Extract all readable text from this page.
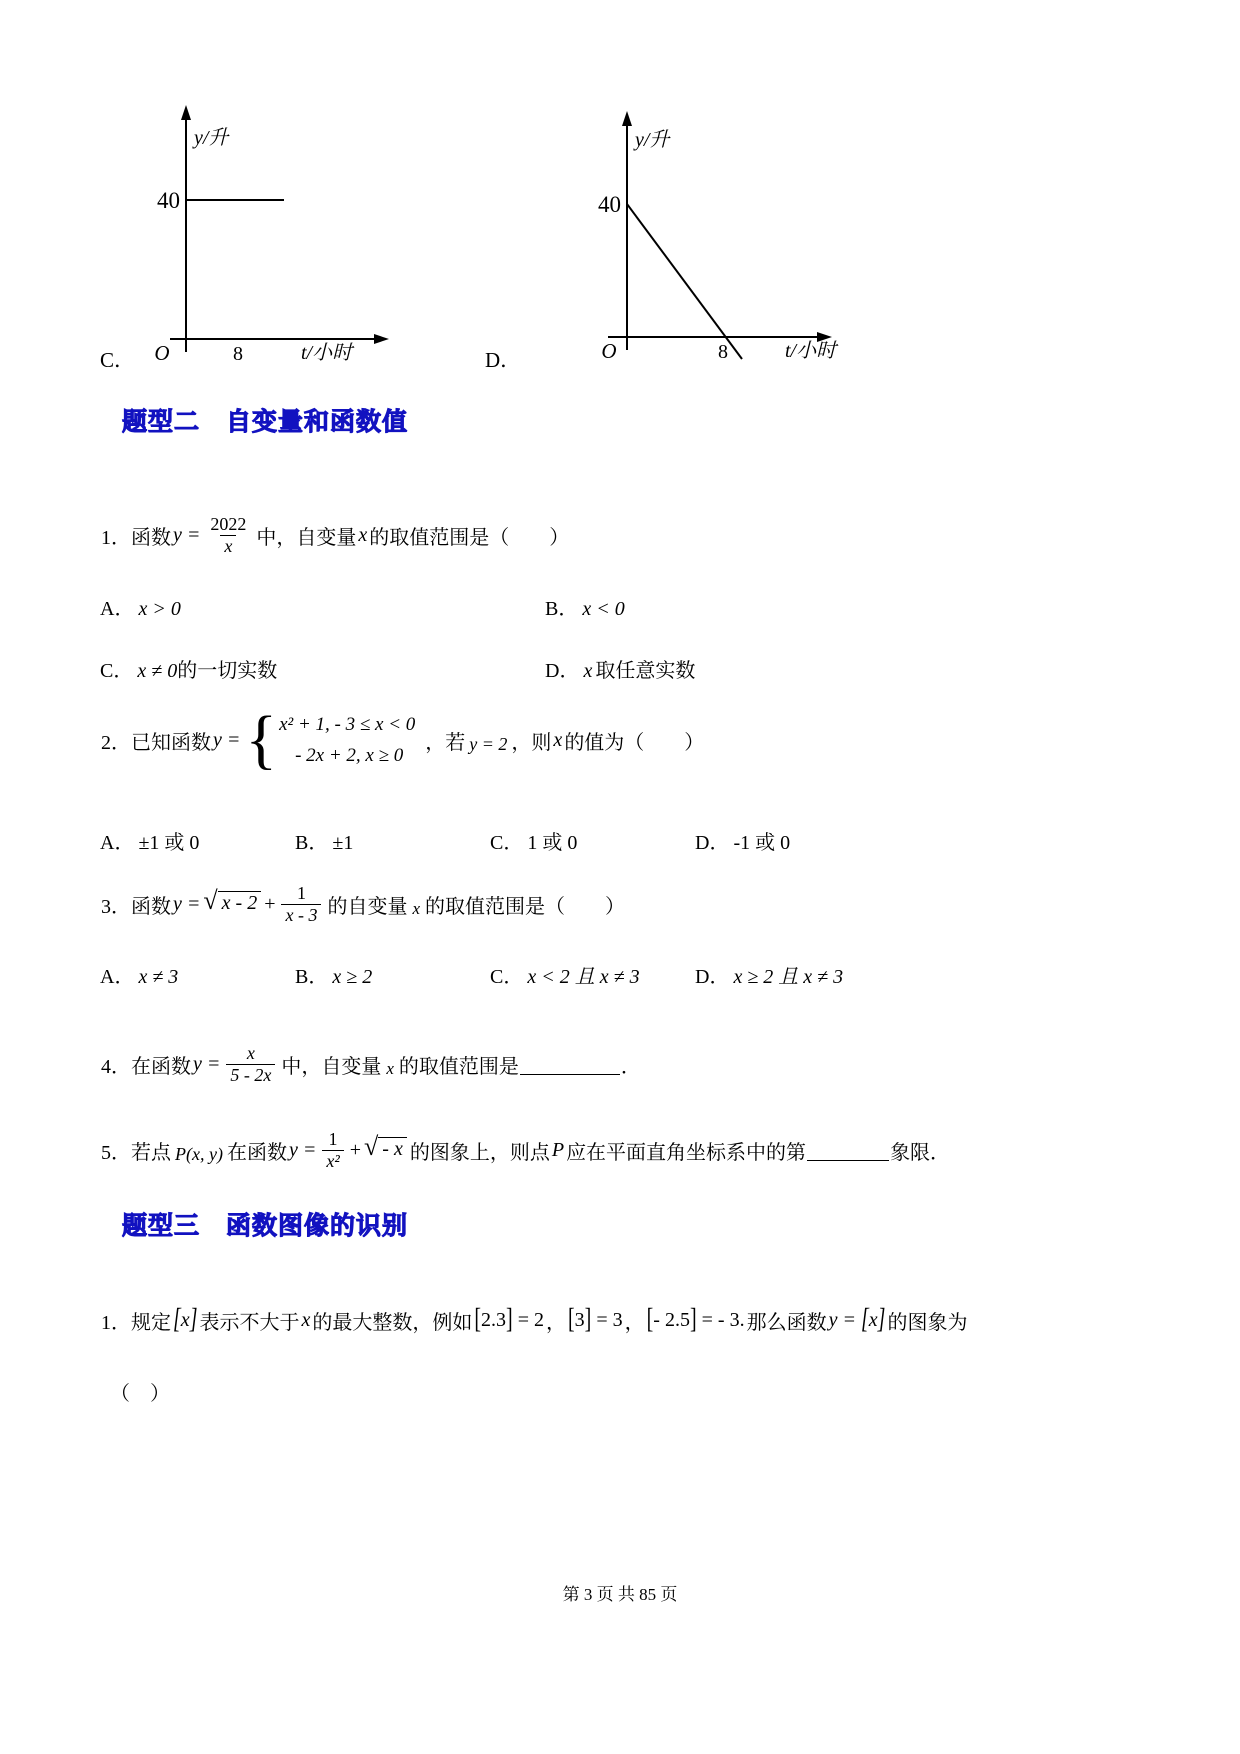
40
y/升
O	8	t/小时
C．
40
y/升
O	8	t/小时
D．
题型二　自变量和函数值
1．函数 $y = \frac{2022}{x}$ 中，自变量 x 的取值范围是（　　）
A． x > 0	B． x < 0
C． x ≠ 0 的一切实数	D． x 取任意实数
2．已知函数 y = { x² + 1, - 3 ≤ x < 0
- 2x + 2, x ≥ 0
，若 y = 2 ，则 x 的值为（　　）
A． ±1 或 0	B． ±1	C． 1 或 0	D． -1 或 0
3．函数 y = √ $x - 2 + \frac{1}{x - 3}$ 的自变量 x 的取值范围是（　　）
A． x ≠ 3	B． x ≥ 2	C． x < 2 且 x ≠ 3	D． x ≥ 2 且 x ≠ 3
4．在函数 $y = \frac{x}{5 - 2x}$ 中，自变量 x 的取值范围是	．
5．若点 P(x, y) 在函数 $y = \frac{1}{\text{x²}}$ + √ - x 的图象上，则点 P 应在平面直角坐标系中的第	象限．
题型三　函数图像的识别
1．规定 [x] 表示不大于 x 的最大整数，例如 [2.3] = 2 ， [3] = 3 ， [- 2.5] = - 3. 那么函数 y = [x] 的图象为
（　）
第 3 页 共 85 页
